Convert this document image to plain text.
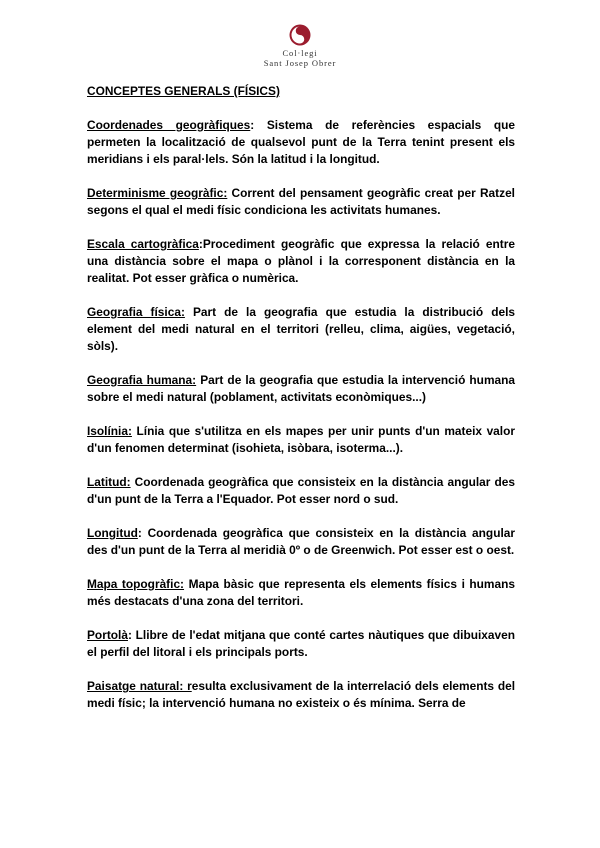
Col·legi
Sant Josep Obrer

CONCEPTES GENERALS (FÍSICS)

Coordenades geogràfiques: Sistema de referències espacials que permeten la localització de qualsevol punt de la Terra tenint present els meridians i els paral·lels. Són la latitud i la longitud.

Determinisme geogràfic: Corrent del pensament geogràfic creat per Ratzel segons el qual el medi físic condiciona les activitats humanes.

Escala cartogràfica:Procediment geogràfic que expressa la relació entre una distància sobre el mapa o plànol i la corresponent distància en la realitat. Pot esser gràfica o numèrica.

Geografia física: Part de la geografia que estudia la distribució dels element del medi natural en el territori (relleu, clima, aigües, vegetació, sòls).

Geografia humana: Part de la geografia que estudia la intervenció humana sobre el medi natural (poblament, activitats econòmiques...)

Isolínia: Línia que s'utilitza en els mapes per unir punts d'un mateix valor d'un fenomen determinat (isohieta, isòbara, isoterma...).

Latitud: Coordenada geogràfica que consisteix en la distància angular des d'un punt de la Terra a l'Equador. Pot esser nord o sud.

Longitud: Coordenada geogràfica que consisteix en la distància angular des d'un punt de la Terra al meridià 0º o de Greenwich. Pot esser est o oest.

Mapa topogràfic: Mapa bàsic que representa els elements físics i humans més destacats d'una zona del territori.

Portolà: Llibre de l'edat mitjana que conté cartes nàutiques que dibuixaven el perfil del litoral i els principals ports.

Paisatge natural: resulta exclusivament de la interrelació dels elements del medi físic; la intervenció humana no existeix o és mínima. Serra de
